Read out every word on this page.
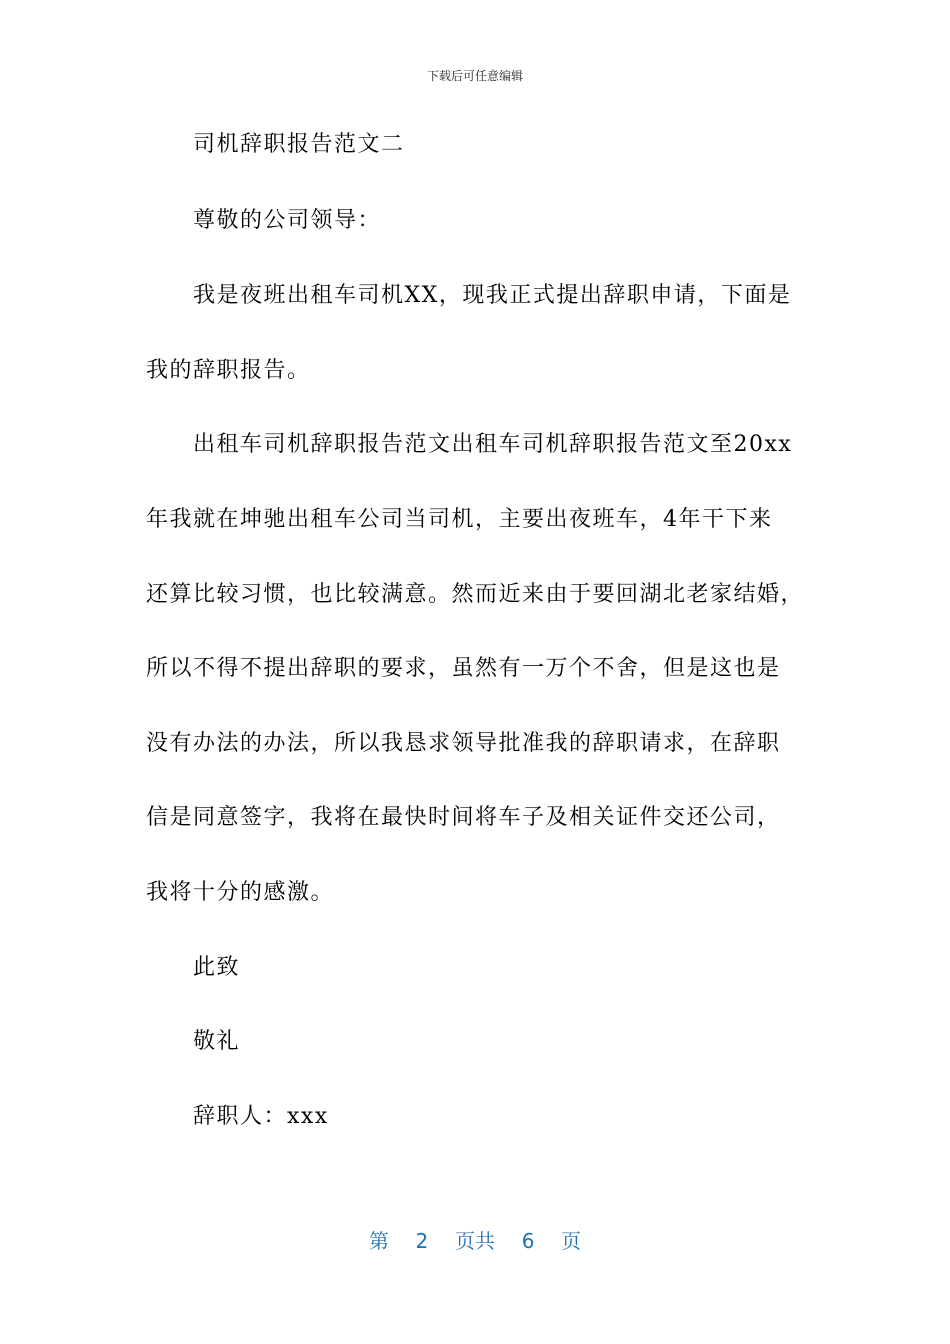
下载后可任意编辑
司机辞职报告范文二
尊敬的公司领导：
我是夜班出租车司机XX，现我正式提出辞职申请，下面是
我的辞职报告。
出租车司机辞职报告范文出租车司机辞职报告范文至20xx
年我就在坤驰出租车公司当司机，主要出夜班车，4年干下来
还算比较习惯，也比较满意。然而近来由于要回湖北老家结婚，
所以不得不提出辞职的要求，虽然有一万个不舍，但是这也是
没有办法的办法，所以我恳求领导批准我的辞职请求，在辞职
信是同意签字，我将在最快时间将车子及相关证件交还公司，
我将十分的感激。
此致
敬礼
辞职人：xxx
第 2 页共 6 页
